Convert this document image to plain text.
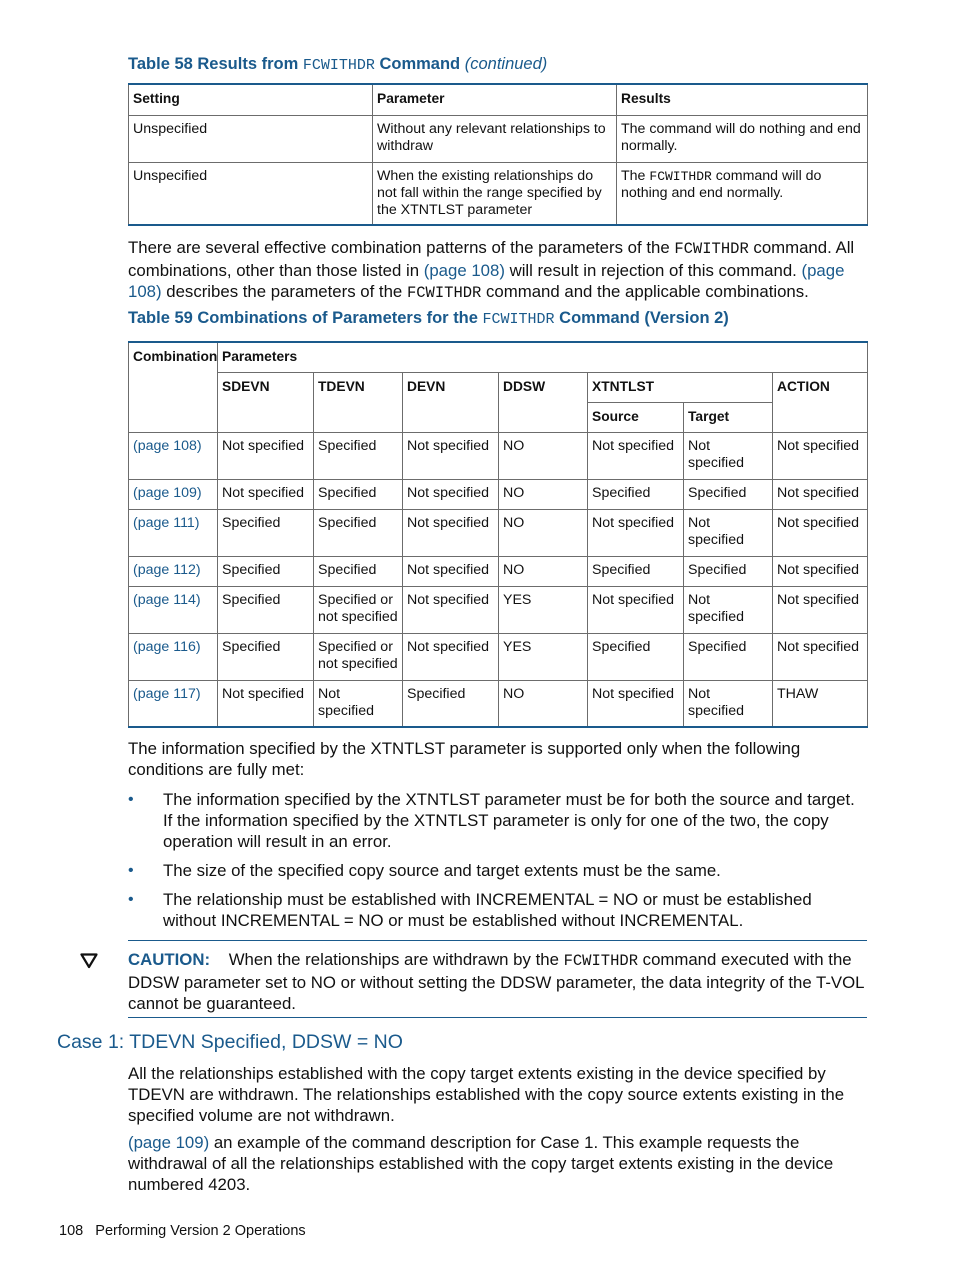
Table 58 Results from FCWITHDR Command (continued)
Setting	Parameter	Results

Unspecified	Without any relevant relationships to withdraw	The command will do nothing and end normally.

Unspecified	When the existing relationships do not fall within the range specified by the XTNTLST parameter	The FCWITHDR command will do nothing and end normally.
There are several effective combination patterns of the parameters of the FCWITHDR command. All combinations, other than those listed in (page 108) will result in rejection of this command. (page 108) describes the parameters of the FCWITHDR command and the applicable combinations.
Table 59 Combinations of Parameters for the FCWITHDR Command (Version 2)
Combination	Parameters						

	SDEVN	TDEVN	DEVN	DDSW	XTNTLST		ACTION

					Source	Target	

(page 108)	Not specified	Specified	Not specified	NO	Not specified	Not specified	Not specified

(page 109)	Not specified	Specified	Not specified	NO	Specified	Specified	Not specified

(page 111)	Specified	Specified	Not specified	NO	Not specified	Not specified	Not specified

(page 112)	Specified	Specified	Not specified	NO	Specified	Specified	Not specified

(page 114)	Specified	Specified or not specified	Not specified	YES	Not specified	Not specified	Not specified

(page 116)	Specified	Specified or not specified	Not specified	YES	Specified	Specified	Not specified

(page 117)	Not specified	Not specified	Specified	NO	Not specified	Not specified	THAW
The information specified by the XTNTLST parameter is supported only when the following conditions are fully met:
• The information specified by the XTNTLST parameter must be for both the source and target. If the information specified by the XTNTLST parameter is only for one of the two, the copy operation will result in an error.
• The size of the specified copy source and target extents must be the same.
• The relationship must be established with INCREMENTAL = NO or must be established without INCREMENTAL = NO or must be established without INCREMENTAL.
CAUTION: When the relationships are withdrawn by the FCWITHDR command executed with the DDSW parameter set to NO or without setting the DDSW parameter, the data integrity of the T-VOL cannot be guaranteed.
Case 1: TDEVN Specified, DDSW = NO
All the relationships established with the copy target extents existing in the device specified by TDEVN are withdrawn. The relationships established with the copy source extents existing in the specified volume are not withdrawn.
(page 109) an example of the command description for Case 1. This example requests the withdrawal of all the relationships established with the copy target extents existing in the device numbered 4203.
108 Performing Version 2 Operations
